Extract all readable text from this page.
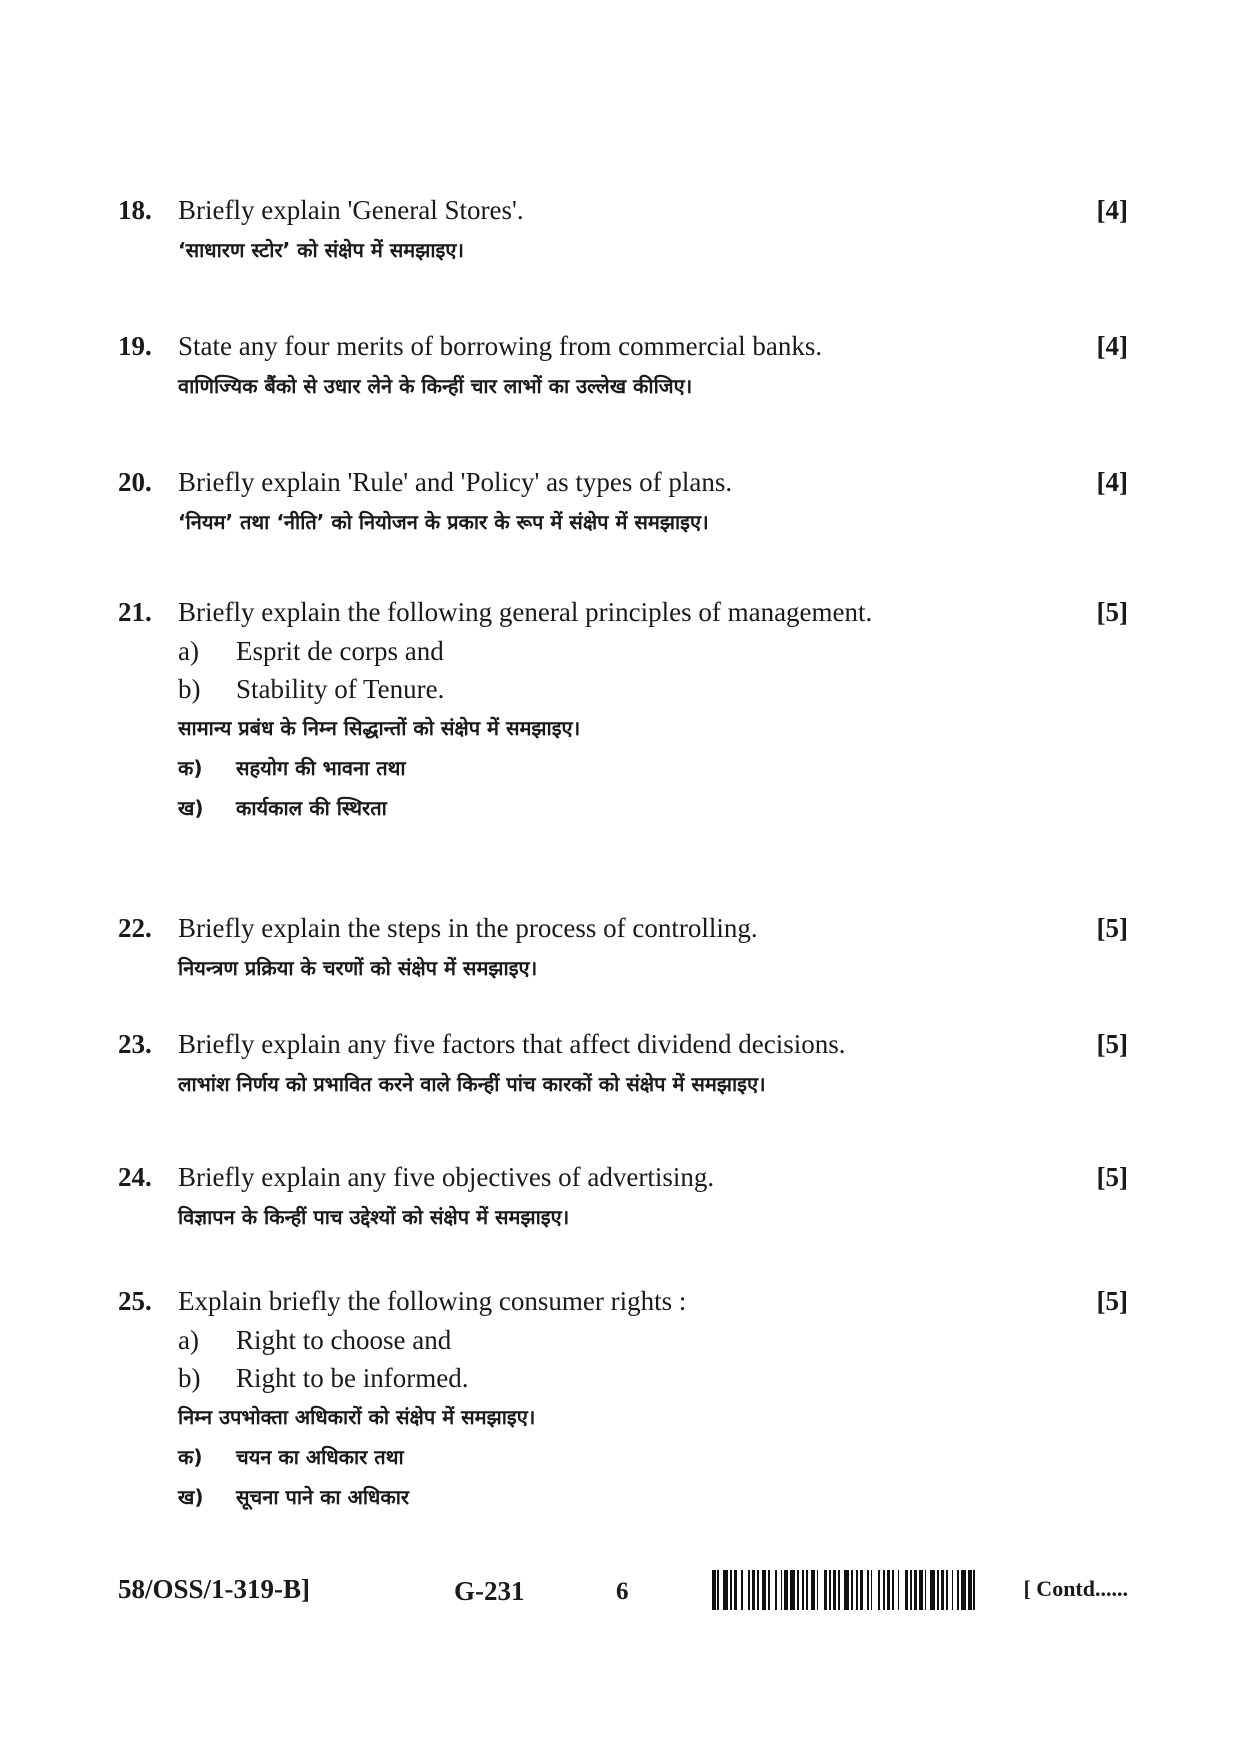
18. Briefly explain 'General Stores'.	[4]
‘साधारण स्टोर’ को संक्षेप में समझाइए।
19. State any four merits of borrowing from commercial banks.	[4]
वाणिज्यिक बैंको से उधार लेने के किन्हीं चार लाभों का उल्लेख कीजिए।
20. Briefly explain 'Rule' and 'Policy' as types of plans.	[4]
‘नियम’ तथा ‘नीति’ को नियोजन के प्रकार के रूप में संक्षेप में समझाइए।
21. Briefly explain the following general principles of management.	[5]
a) Esprit de corps and
b) Stability of Tenure.
सामान्य प्रबंध के निम्न सिद्धान्तों को संक्षेप में समझाइए।
क) सहयोग की भावना तथा
ख) कार्यकाल की स्थिरता
22. Briefly explain the steps in the process of controlling.	[5]
नियन्त्रण प्रक्रिया के चरणों को संक्षेप में समझाइए।
23. Briefly explain any five factors that affect dividend decisions.	[5]
लाभांश निर्णय को प्रभावित करने वाले किन्हीं पांच कारकों को संक्षेप में समझाइए।
24. Briefly explain any five objectives of advertising.	[5]
विज्ञापन के किन्हीं पाच उद्देश्यों को संक्षेप में समझाइए।
25. Explain briefly the following consumer rights :	[5]
a) Right to choose and
b) Right to be informed.
निम्न उपभोक्ता अधिकारों को संक्षेप में समझाइए।
क) चयन का अधिकार तथा
ख) सूचना पाने का अधिकार
58/OSS/1-319-B]	G-231	6	[ Contd......
